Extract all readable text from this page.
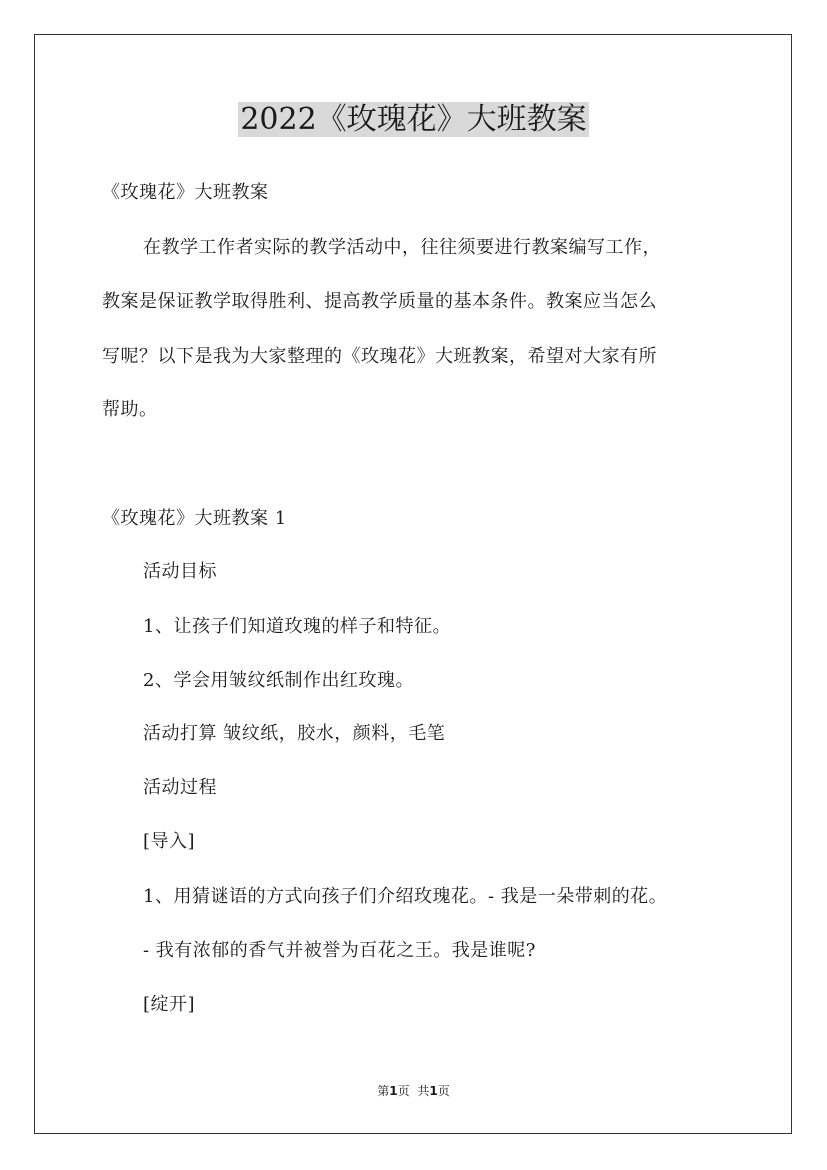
2022《玫瑰花》大班教案
《玫瑰花》大班教案
在教学工作者实际的教学活动中，往往须要进行教案编写工作，
教案是保证教学取得胜利、提高教学质量的基本条件。教案应当怎么
写呢？以下是我为大家整理的《玫瑰花》大班教案，希望对大家有所
帮助。
《玫瑰花》大班教案 1
活动目标
1、让孩子们知道玫瑰的样子和特征。
2、学会用皱纹纸制作出红玫瑰。
活动打算 皱纹纸，胶水，颜料，毛笔
活动过程
[导入]
1、用猜谜语的方式向孩子们介绍玫瑰花。- 我是一朵带刺的花。
- 我有浓郁的香气并被誉为百花之王。我是谁呢?
[绽开]
第1页 共1页
